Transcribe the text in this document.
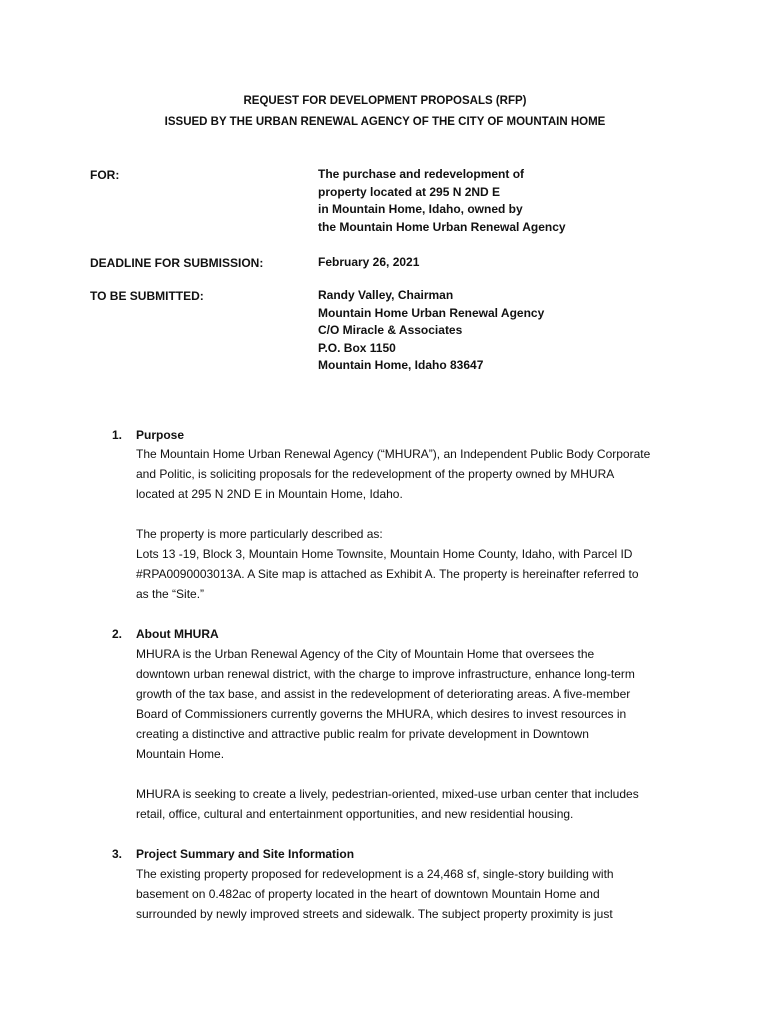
REQUEST FOR DEVELOPMENT PROPOSALS (RFP)
ISSUED BY THE URBAN RENEWAL AGENCY OF THE CITY OF MOUNTAIN HOME
FOR:	The purchase and redevelopment of
property located at 295 N 2ND E
in Mountain Home, Idaho, owned by
the Mountain Home Urban Renewal Agency
DEADLINE FOR SUBMISSION:	February 26, 2021
TO BE SUBMITTED:	Randy Valley, Chairman
Mountain Home Urban Renewal Agency
C/O Miracle & Associates
P.O. Box 1150
Mountain Home, Idaho 83647
1. Purpose
The Mountain Home Urban Renewal Agency (“MHURA”), an Independent Public Body Corporate
and Politic, is soliciting proposals for the redevelopment of the property owned by MHURA
located at 295 N 2ND E in Mountain Home, Idaho.
The property is more particularly described as:
Lots 13 -19, Block 3, Mountain Home Townsite, Mountain Home County, Idaho, with Parcel ID
#RPA0090003013A. A Site map is attached as Exhibit A. The property is hereinafter referred to
as the “Site.”
2. About MHURA
MHURA is the Urban Renewal Agency of the City of Mountain Home that oversees the
downtown urban renewal district, with the charge to improve infrastructure, enhance long-term
growth of the tax base, and assist in the redevelopment of deteriorating areas. A five-member
Board of Commissioners currently governs the MHURA, which desires to invest resources in
creating a distinctive and attractive public realm for private development in Downtown
Mountain Home.
MHURA is seeking to create a lively, pedestrian-oriented, mixed-use urban center that includes
retail, office, cultural and entertainment opportunities, and new residential housing.
3. Project Summary and Site Information
The existing property proposed for redevelopment is a 24,468 sf, single-story building with
basement on 0.482ac of property located in the heart of downtown Mountain Home and
surrounded by newly improved streets and sidewalk. The subject property proximity is just
